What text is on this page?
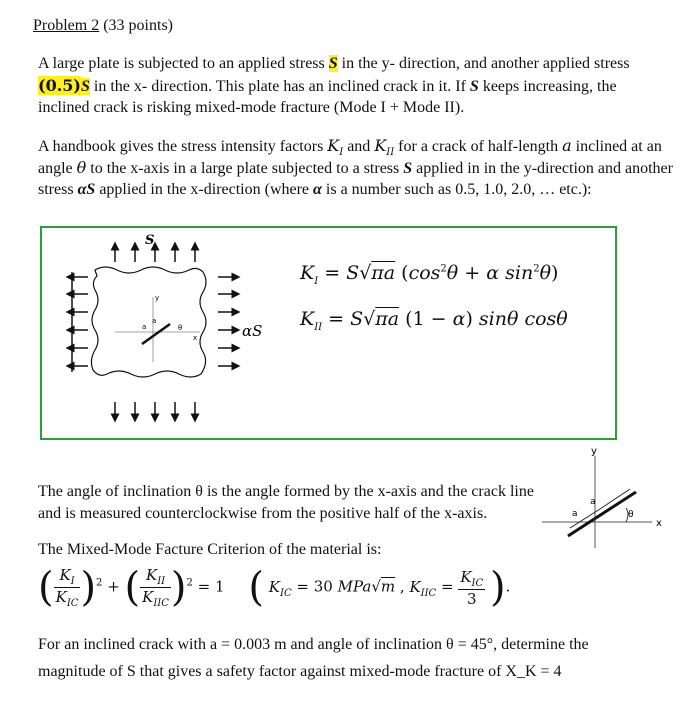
Problem 2 (33 points)
A large plate is subjected to an applied stress S in the y- direction, and another applied stress
(0.5)S in the x- direction. This plate has an inclined crack in it. If S keeps increasing, the
inclined crack is risking mixed-mode fracture (Mode I + Mode II).
A handbook gives the stress intensity factors $K_I$ and $K_{II}$ for a crack of half-length a inclined at an
angle θ to the x-axis in a large plate subjected to a stress S applied in in the y-direction and another
stress αS applied in the x-direction (where α is a number such as 0.5, 1.0, 2.0, … etc.):
y
x
a
a
θ
S
αS
$K_I = S√\pi a$ ($\cos^2\theta + \alpha$ $\sin^2\theta$)
$K_{II} = S√\pi a$ (1 − α) sinθ cosθ
The angle of inclination θ is the angle formed by the x-axis and the crack line
and is measured counterclockwise from the positive half of the x-axis.
y
x
a
a
θ
The Mixed-Mode Facture Criterion of the material is:
( $\frac{K_I}{K_{IC}} )^2$ + ( $\frac{K_{II}}{K_{IIC}} )^2 = 1$     ( $K_{IC} = 30$ MPa√m , $K_{IIC} = \frac{K_{IC}}{3}$ ).
For an inclined crack with a = 0.003 m and angle of inclination θ = 45°, determine the
magnitude of S that gives a safety factor against mixed-mode fracture of X_K = 4
